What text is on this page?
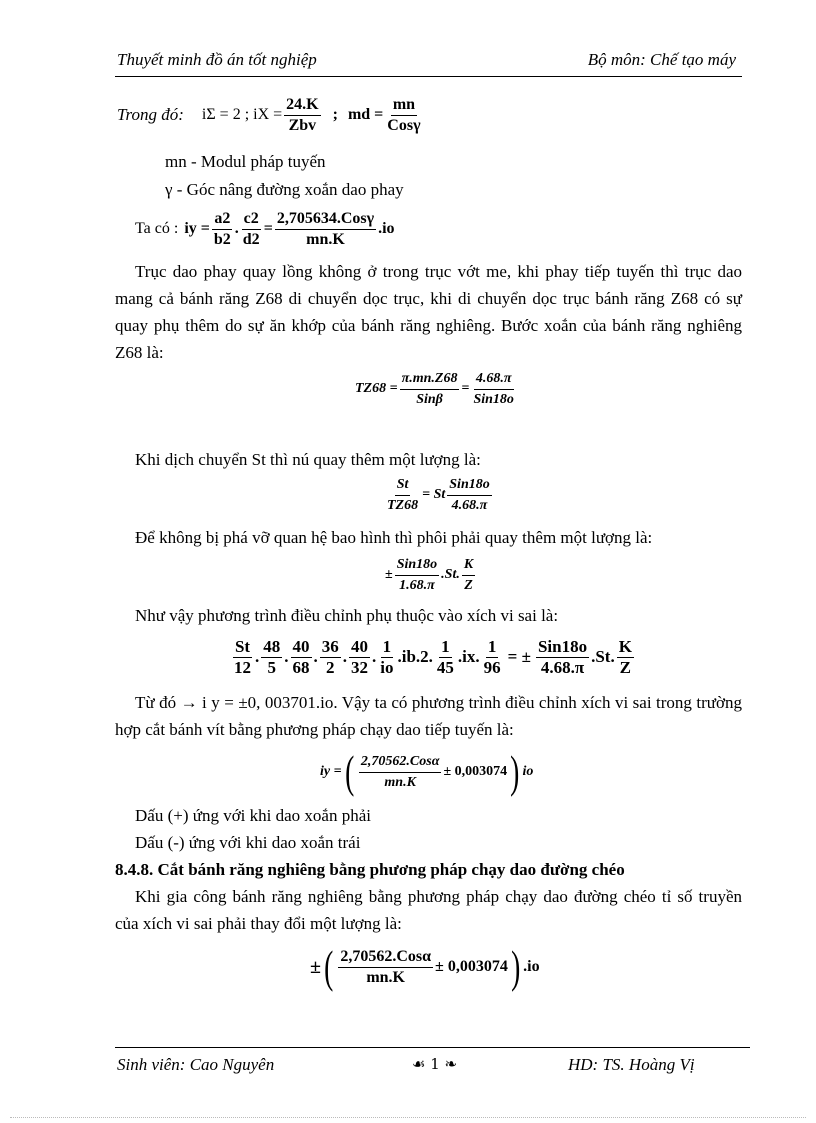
Thuyết minh đồ án tốt nghiệp	Bộ môn: Chế tạo máy
Trong đó: iΣ = 2 ; iX = $\frac{24.K}{\text{Zbv}}$ ; md = $\frac{mn}{\text{Cosγ}}$
mn - Modul pháp tuyến
γ - Góc nâng đường xoắn dao phay
Ta có : iy = $\frac{a2}{b2}$ . $\frac{c2}{d2} = \frac{\text{2,705634.Cosγ}}{mn.K} .io$
Trục dao phay quay lồng không ở trong trục vớt me, khi phay tiếp tuyến thì trục dao mang cả bánh răng Z68 di chuyển dọc trục, khi di chuyển dọc trục bánh răng Z68 có sự quay phụ thêm do sự ăn khớp của bánh răng nghiêng. Bước xoắn của bánh răng nghiêng Z68 là:
$TZ68 = \frac{\pi.mn.Z68}{\text{Sinβ}} = \frac{4.68.\pi}{\text{Sin18o}}$
Khi dịch chuyển St thì nú quay thêm một lượng là:
$\frac{St}{TZ68} = St \frac{\text{Sin18o}}{4.68.\pi}$
Để không bị phá vỡ quan hệ bao hình thì phôi phải quay thêm một lượng là:
± $\frac{\text{Sin18o}}{1.68.\pi} .St$. $\frac{K}{Z}$
Như vậy phương trình điều chỉnh phụ thuộc vào xích vi sai là:
$\frac{St}{12}$ . $\frac{48}{5}$ . $\frac{40}{68}$ . $\frac{36}{2}$ . $\frac{40}{32}$ . $\frac{1}{io} .ib.2$. $\frac{1}{45} .ix$. $\frac{1}{96}$ = ± $\frac{\text{Sin18o}}{4.68.\pi} .St$. $\frac{K}{Z}$
Từ đó → i y = ±0, 003701.io. Vậy ta có phương trình điều chỉnh xích vi sai trong trường hợp cắt bánh vít bằng phương pháp chạy dao tiếp tuyến là:
iy = ( $\frac{\text{2,70562.Cosα}}{mn.K} \pm 0,003074$ ) io
Dấu (+) ứng với khi dao xoắn phải
Dấu (-) ứng với khi dao xoắn trái
8.4.8. Cắt bánh răng nghiêng bằng phương pháp chạy dao đường chéo
Khi gia công bánh răng nghiêng bằng phương pháp chạy dao đường chéo tỉ số truyền của xích vi sai phải thay đổi một lượng là:
± ( $\frac{\text{2,70562.Cosα}}{mn.K} \pm 0,003074$ ) .io
Sinh viên: Cao Nguyên	☙ 1 ❧	HD: TS. Hoàng Vị
